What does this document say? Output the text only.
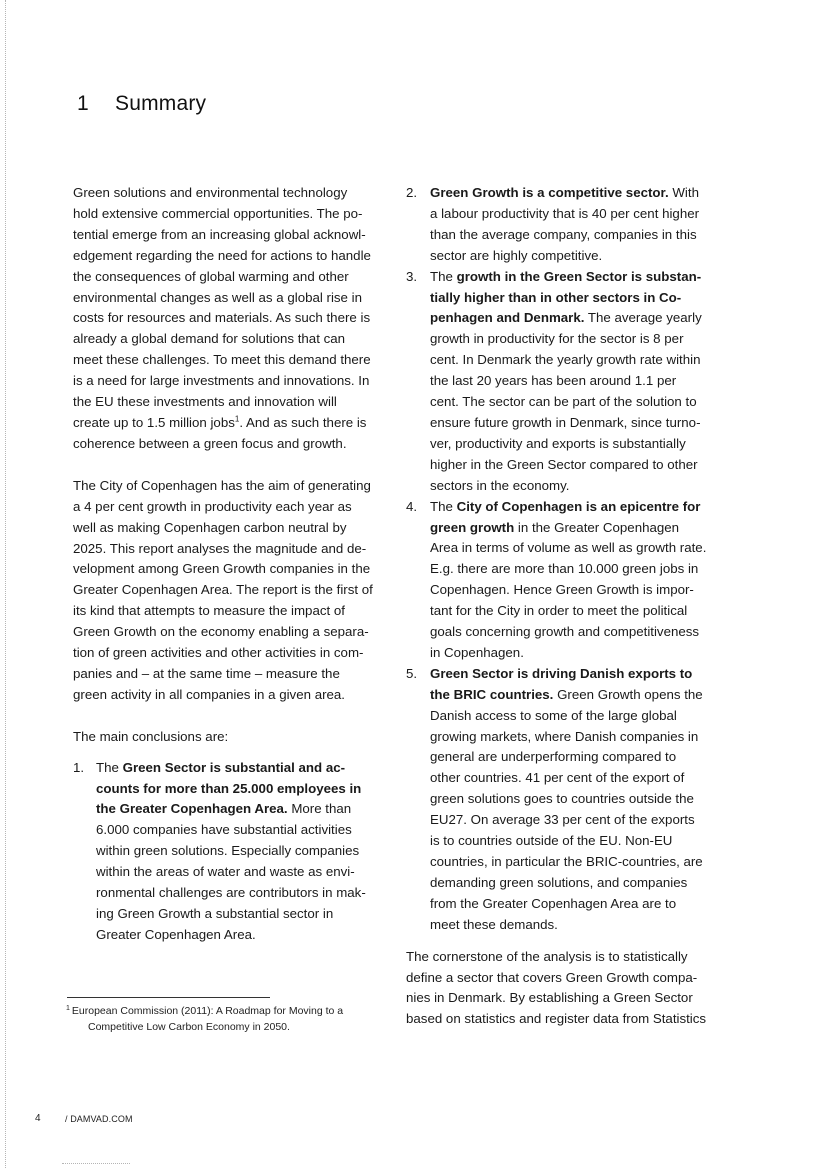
1 Summary

Green solutions and environmental technology
hold extensive commercial opportunities. The po-
tential emerge from an increasing global acknowl-
edgement regarding the need for actions to handle
the consequences of global warming and other
environmental changes as well as a global rise in
costs for resources and materials. As such there is
already a global demand for solutions that can
meet these challenges. To meet this demand there
is a need for large investments and innovations. In
the EU these investments and innovation will
create up to 1.5 million jobs$^1$. And as such there is
coherence between a green focus and growth.

The City of Copenhagen has the aim of generating
a 4 per cent growth in productivity each year as
well as making Copenhagen carbon neutral by
2025. This report analyses the magnitude and de-
velopment among Green Growth companies in the
Greater Copenhagen Area. The report is the first of
its kind that attempts to measure the impact of
Green Growth on the economy enabling a separa-
tion of green activities and other activities in com-
panies and – at the same time – measure the
green activity in all companies in a given area.

The main conclusions are:

1. The Green Sector is substantial and ac-
counts for more than 25.000 employees in
the Greater Copenhagen Area. More than
6.000 companies have substantial activities
within green solutions. Especially companies
within the areas of water and waste as envi-
ronmental challenges are contributors in mak-
ing Green Growth a substantial sector in
Greater Copenhagen Area.
2. Green Growth is a competitive sector. With
a labour productivity that is 40 per cent higher
than the average company, companies in this
sector are highly competitive.
3. The growth in the Green Sector is substan-
tially higher than in other sectors in Co-
penhagen and Denmark. The average yearly
growth in productivity for the sector is 8 per
cent. In Denmark the yearly growth rate within
the last 20 years has been around 1.1 per
cent. The sector can be part of the solution to
ensure future growth in Denmark, since turno-
ver, productivity and exports is substantially
higher in the Green Sector compared to other
sectors in the economy.
4. The City of Copenhagen is an epicentre for
green growth in the Greater Copenhagen
Area in terms of volume as well as growth rate.
E.g. there are more than 10.000 green jobs in
Copenhagen. Hence Green Growth is impor-
tant for the City in order to meet the political
goals concerning growth and competitiveness
in Copenhagen.
5. Green Sector is driving Danish exports to
the BRIC countries. Green Growth opens the
Danish access to some of the large global
growing markets, where Danish companies in
general are underperforming compared to
other countries. 41 per cent of the export of
green solutions goes to countries outside the
EU27. On average 33 per cent of the exports
is to countries outside of the EU. Non-EU
countries, in particular the BRIC-countries, are
demanding green solutions, and companies
from the Greater Copenhagen Area are to
meet these demands.

The cornerstone of the analysis is to statistically
define a sector that covers Green Growth compa-
nies in Denmark. By establishing a Green Sector
based on statistics and register data from Statistics

$^1$ European Commission (2011): A Roadmap for Moving to a
Competitive Low Carbon Economy in 2050.
4	/ DAMVAD.COM
